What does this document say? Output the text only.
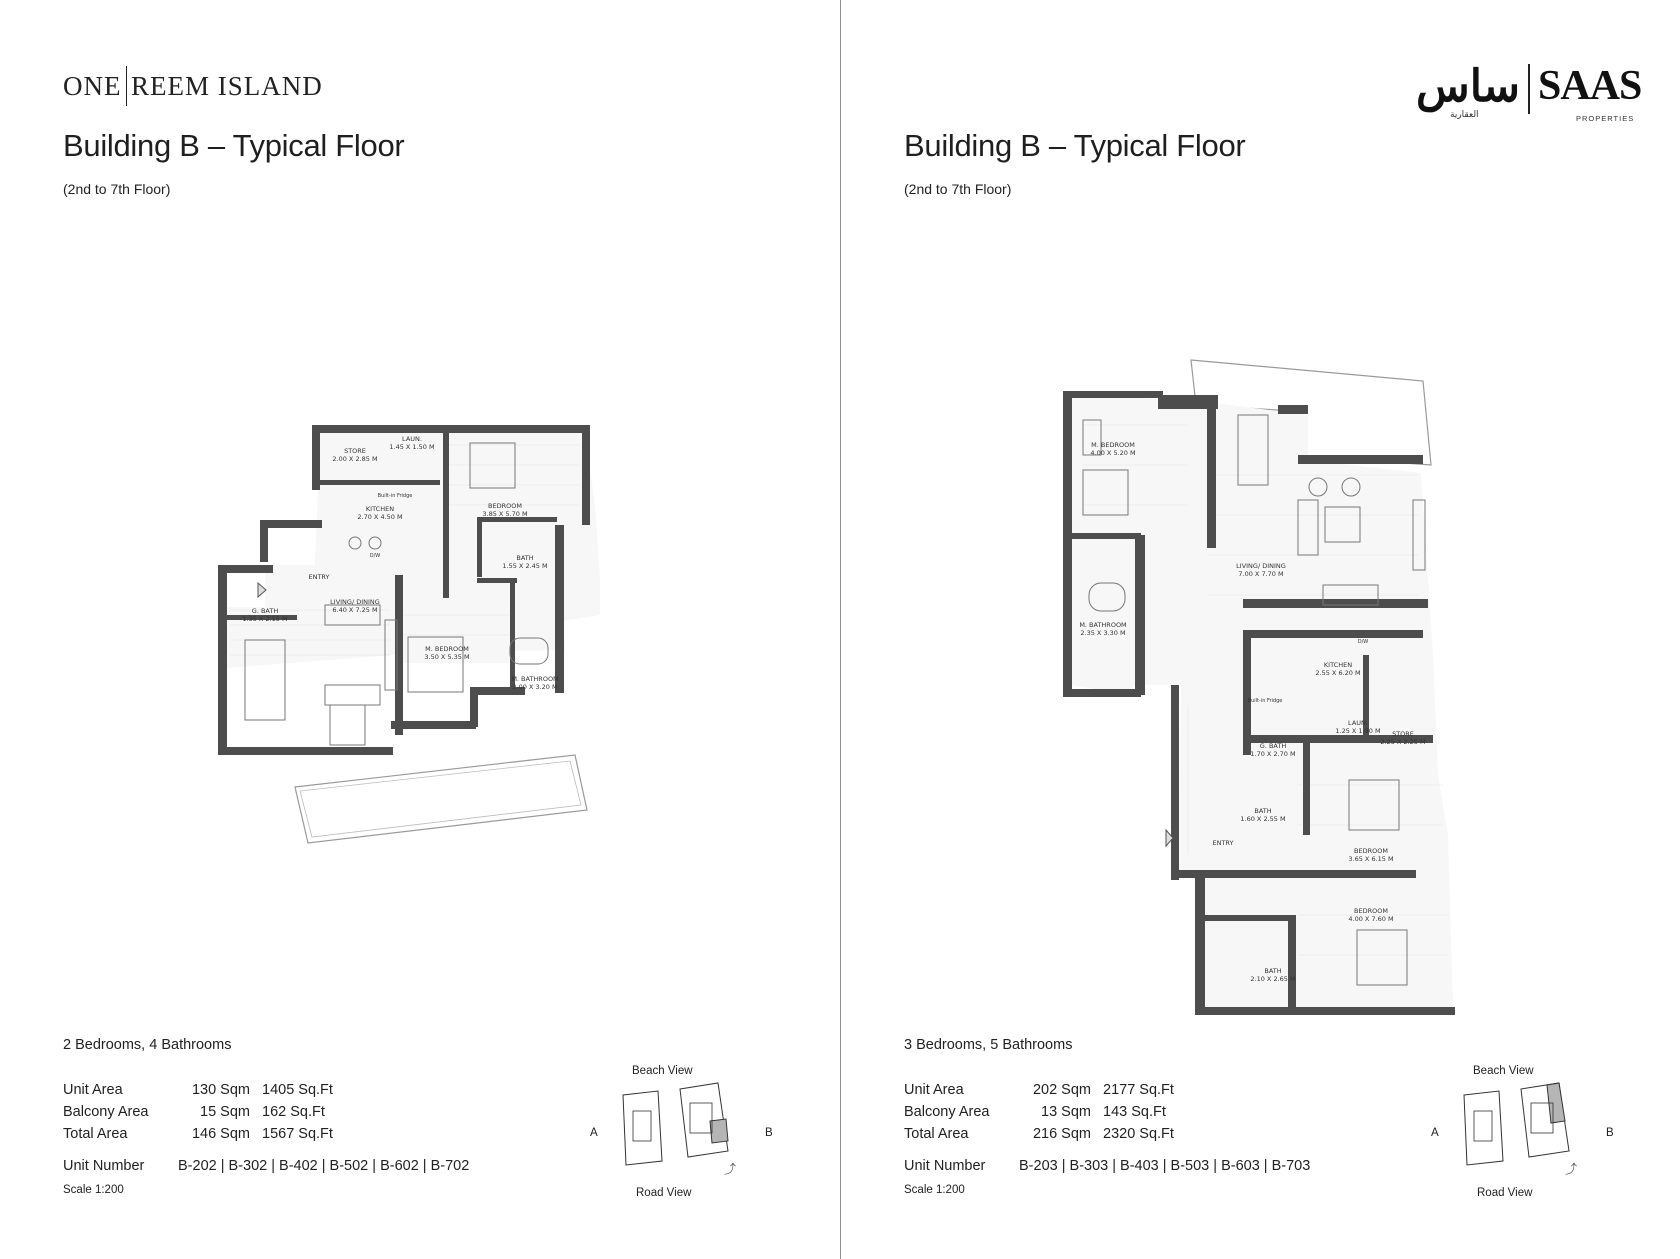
ONE REEM ISLAND
Building B – Typical Floor
(2nd to 7th Floor)
STORE
2.00 X 2.85 M
LAUN.
1.45 X 1.50 M
BEDROOM
3.85 X 5.70 M
KITCHEN
2.70 X 4.50 M
BATH
1.55 X 2.45 M
ENTRY
LIVING/ DINING
6.40 X 7.25 M
G. BATH
1.35 X 2.15 M
M. BEDROOM
3.50 X 5.35 M
M. BATHROOM
2.00 X 3.20 M
Built-in Fridge
D/W
2 Bedrooms, 4 Bathrooms
Unit Area	130 Sqm 1405 Sq.Ft
Balcony Area	15 Sqm 162 Sq.Ft
Total Area	146 Sqm 1567 Sq.Ft
Unit Number	B-202 | B-302 | B-402 | B-502 | B-602 | B-702
Scale 1:200
Beach View
A	B
Road View
⤴
ساس
العقارية
SAAS
PROPERTIES
Building B – Typical Floor
(2nd to 7th Floor)
M. BEDROOM
4.00 X 5.20 M
LIVING/ DINING
7.00 X 7.70 M
M. BATHROOM
2.35 X 3.30 M
KITCHEN
2.55 X 6.20 M
LAUN.
1.25 X 1.80 M STORE
2.25 X 2.25 M
G. BATH
1.70 X 2.70 M
BATH
1.60 X 2.55 M
ENTRY
BEDROOM
3.65 X 6.15 M
BEDROOM
4.00 X 7.60 M
BATH
2.10 X 2.65 M
Built-in Fridge
D/W
3 Bedrooms, 5 Bathrooms
Unit Area	202 Sqm 2177 Sq.Ft
Balcony Area	13 Sqm 143 Sq.Ft
Total Area	216 Sqm 2320 Sq.Ft
Unit Number	B-203 | B-303 | B-403 | B-503 | B-603 | B-703
Scale 1:200
Beach View
A	B
Road View
⤴
